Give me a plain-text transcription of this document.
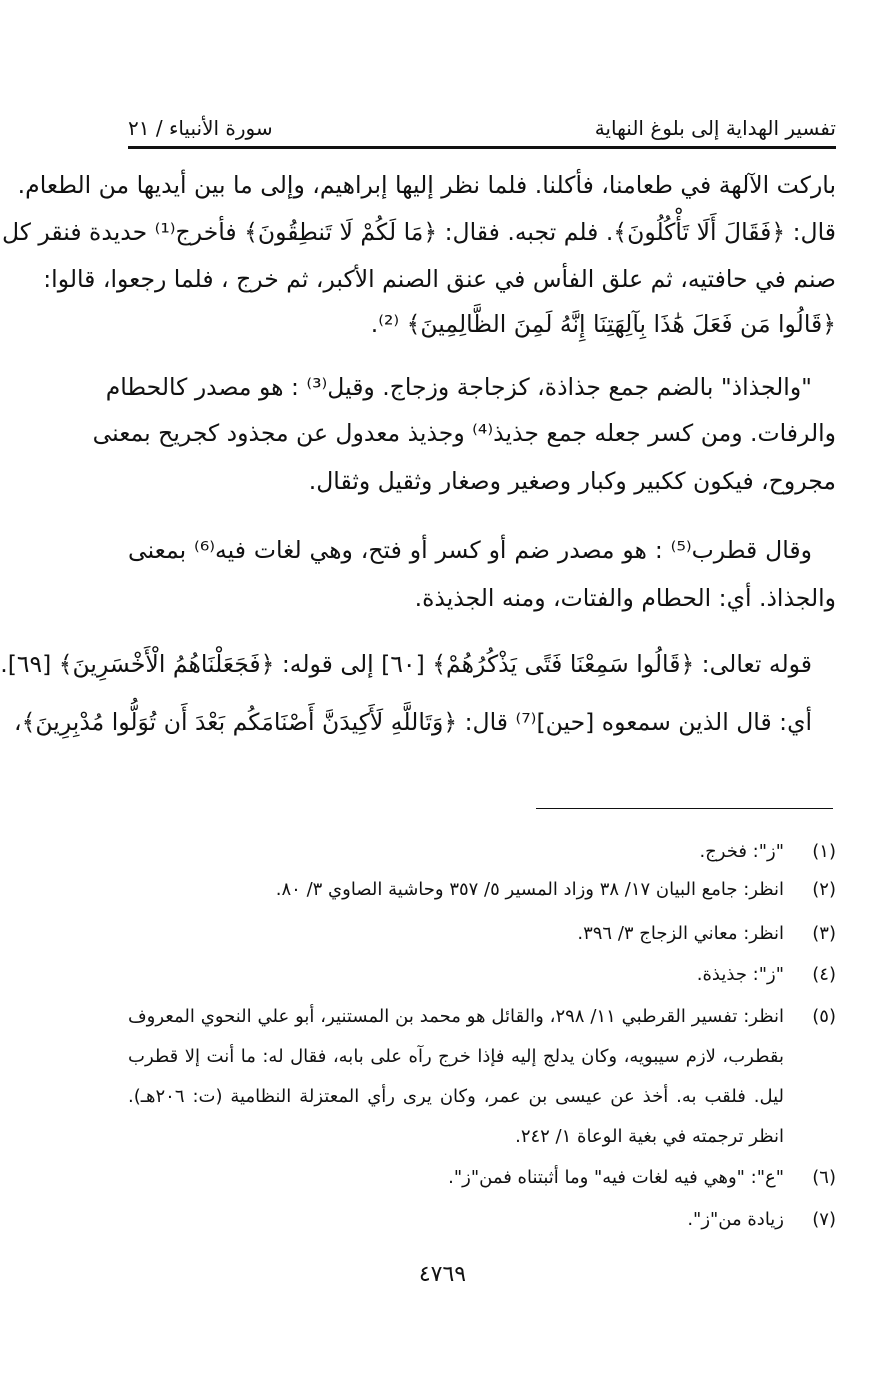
تفسير الهداية إلى بلوغ النهاية
سورة الأنبياء / ٢١
باركت الآلهة في طعامنا، فأكلنا. فلما نظر إليها إبراهيم، وإلى ما بين أيديها من الطعام.
قال: ﴿فَقَالَ أَلَا تَأْكُلُونَ﴾. فلم تجبه. فقال: ﴿مَا لَكُمْ لَا تَنطِقُونَ﴾ فأخرج⁽¹⁾ حديدة فنقر كل
صنم في حافتيه، ثم علق الفأس في عنق الصنم الأكبر، ثم خرج ، فلما رجعوا، قالوا:
﴿قَالُوا مَن فَعَلَ هَٰذَا بِآلِهَتِنَا إِنَّهُ لَمِنَ الظَّالِمِينَ﴾ ⁽²⁾.
"والجذاذ" بالضم جمع جذاذة، كزجاجة وزجاج. وقيل⁽³⁾ : هو مصدر كالحطام
والرفات. ومن كسر جعله جمع جذيذ⁽⁴⁾ وجذيذ معدول عن مجذود كجريح بمعنى
مجروح، فيكون ككبير وكبار وصغير وصغار وثقيل وثقال.
وقال قطرب⁽⁵⁾ : هو مصدر ضم أو كسر أو فتح، وهي لغات فيه⁽⁶⁾ بمعنى
والجذاذ. أي: الحطام والفتات، ومنه الجذيذة.
قوله تعالى: ﴿قَالُوا سَمِعْنَا فَتًى يَذْكُرُهُمْ﴾ [٦٠] إلى قوله: ﴿فَجَعَلْنَاهُمُ الْأَخْسَرِينَ﴾ [٦٩].
أي: قال الذين سمعوه [حين]⁽⁷⁾ قال: ﴿وَتَاللَّهِ لَأَكِيدَنَّ أَصْنَامَكُم بَعْدَ أَن تُوَلُّوا مُدْبِرِينَ﴾،
(١)
"ز": فخرج.
(٢)
انظر: جامع البيان ١٧/ ٣٨ وزاد المسير ٥/ ٣٥٧ وحاشية الصاوي ٣/ ٨٠.
(٣)
انظر: معاني الزجاج ٣/ ٣٩٦.
(٤)
"ز": جذيذة.
(٥)
انظر: تفسير القرطبي ١١/ ٢٩٨، والقائل هو محمد بن المستنير، أبو علي النحوي المعروف
بقطرب، لازم سيبويه، وكان يدلج إليه فإذا خرج رآه على بابه، فقال له: ما أنت إلا قطرب
ليل. فلقب به. أخذ عن عيسى بن عمر، وكان يرى رأي المعتزلة النظامية (ت: ٢٠٦هـ).
انظر ترجمته في بغية الوعاة ١/ ٢٤٢.
(٦)
"ع": "وهي فيه لغات فيه" وما أثبتناه فمن"ز".
(٧)
زيادة من"ز".
٤٧٦٩
